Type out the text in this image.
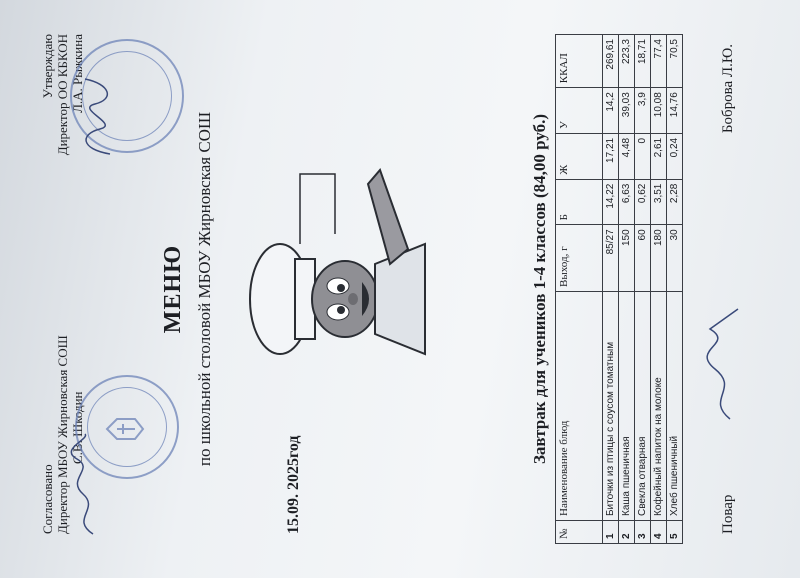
Согласовано Директор МБОУ Жирновская СОШ С.В. Шкодин
Утверждаю Директор ОО КБКОН Л.А. Рыжкина
МЕНЮ по школьной столовой МБОУ Жирновская СОШ
15.09. 2025год
Завтрак для учеников 1-4 классов (84,00 руб.)
№	Наименование блюд	Выход, г	Б	Ж	У	ККАЛ
1	Биточки из птицы с соусом томатным	85/27	14,22	17,21	14,2	269,61
2	Каша пшеничная	150	6,63	4,48	39,03	223,3
3	Свекла отварная	60	0,62	0	3,9	18,71
4	Кофейный напиток на молоке	180	3,51	2,61	10,08	77,4
5	Хлеб пшеничный	30	2,28	0,24	14,76	70,5
Повар
Боброва Л.Ю.
